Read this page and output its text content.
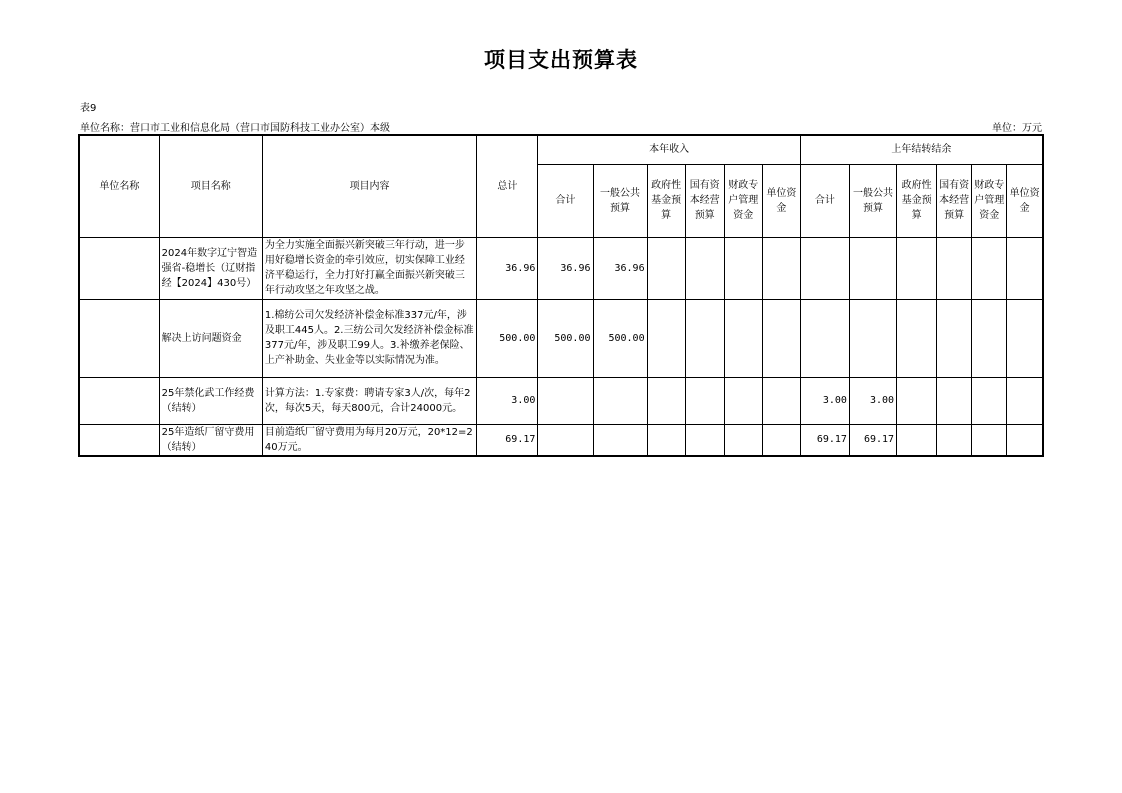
项目支出预算表
表9
单位名称：营口市工业和信息化局（营口市国防科技工业办公室）本级	单位：万元
单位名称	项目名称	项目内容	总计	本年收入						上年结转结余					
				合计	一般公共预算	政府性基金预算	国有资本经营预算	财政专户管理资金	单位资金	合计	一般公共预算	政府性基金预算	国有资本经营预算	财政专户管理资金	单位资金
	2024年数字辽宁智造强省-稳增长（辽财指经【2024】430号）	为全力实施全面振兴新突破三年行动，进一步用好稳增长资金的牵引效应，切实保障工业经济平稳运行，全力打好打赢全面振兴新突破三年行动攻坚之年攻坚之战。	36.96	36.96	36.96										
	解决上访问题资金	1.棉纺公司欠发经济补偿金标准337元/年，涉及职工445人。2.三纺公司欠发经济补偿金标准377元/年，涉及职工99人。3.补缴养老保险、上产补助金、失业金等以实际情况为准。	500.00	500.00	500.00										
	25年禁化武工作经费（结转）	计算方法：1.专家费：聘请专家3人/次，每年2次，每次5天，每天800元，合计24000元。	3.00							3.00	3.00				
	25年造纸厂留守费用（结转）	目前造纸厂留守费用为每月20万元，20*12=240万元。	69.17							69.17	69.17				
